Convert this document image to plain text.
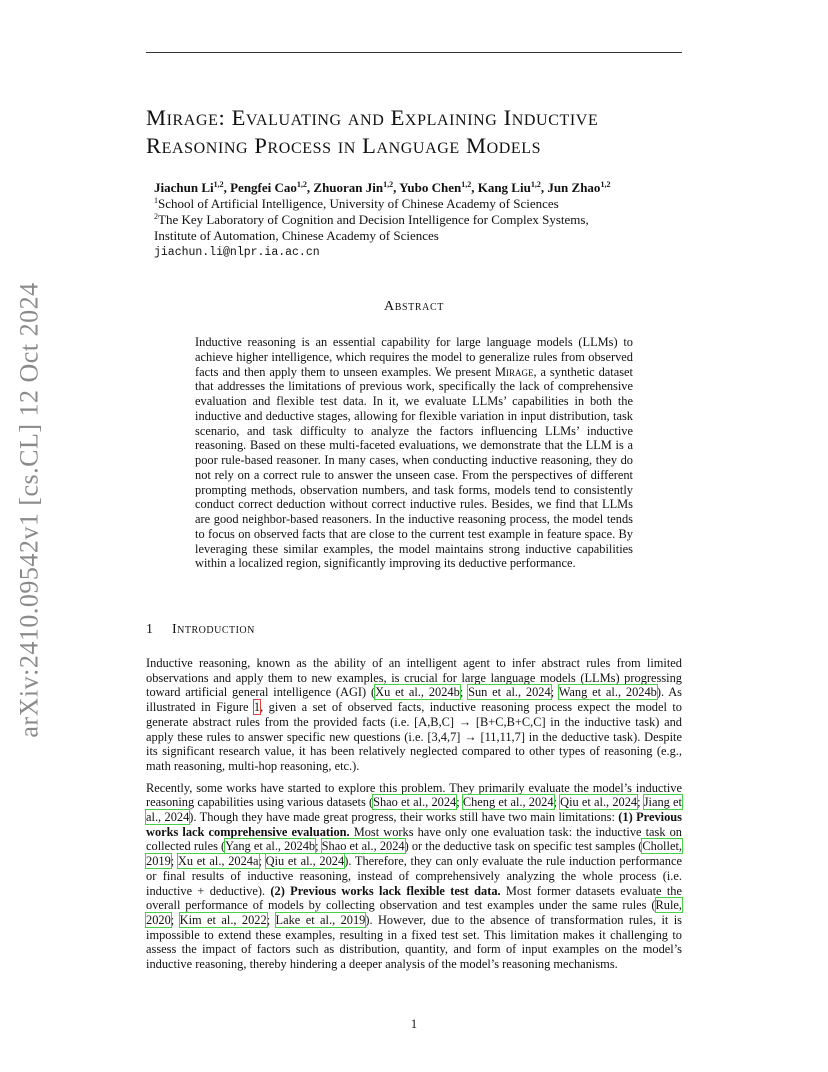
arXiv:2410.09542v1 [cs.CL] 12 Oct 2024
Mirage: Evaluating and Explaining Inductive
Reasoning Process in Language Models
Jiachun Li$^{1,2}$, Pengfei Cao$^{1,2}$, Zhuoran Jin$^{1,2}$, Yubo Chen$^{1,2}$, Kang Liu$^{1,2}$, Jun Zhao$^{1,2}$
$^1$School of Artificial Intelligence, University of Chinese Academy of Sciences
$^2$The Key Laboratory of Cognition and Decision Intelligence for Complex Systems,
Institute of Automation, Chinese Academy of Sciences
jiachun.li@nlpr.ia.ac.cn
Abstract
Inductive reasoning is an essential capability for large language models (LLMs) to achieve higher intelligence, which requires the model to generalize rules from observed facts and then apply them to unseen examples. We present Mirage, a synthetic dataset that addresses the limitations of previous work, specifically the lack of comprehensive evaluation and flexible test data. In it, we evaluate LLMs’ capabilities in both the inductive and deductive stages, allowing for flexible variation in input distribution, task scenario, and task difficulty to analyze the factors influencing LLMs’ inductive reasoning. Based on these multi-faceted evaluations, we demonstrate that the LLM is a poor rule-based reasoner. In many cases, when conducting inductive reasoning, they do not rely on a correct rule to answer the unseen case. From the perspectives of different prompting methods, observation numbers, and task forms, models tend to consistently conduct correct deduction without correct inductive rules. Besides, we find that LLMs are good neighbor-based reasoners. In the inductive reasoning process, the model tends to focus on observed facts that are close to the current test example in feature space. By leveraging these similar examples, the model maintains strong inductive capabilities within a localized region, significantly improving its deductive performance.
1 Introduction

Inductive reasoning, known as the ability of an intelligent agent to infer abstract rules from limited observations and apply them to new examples, is crucial for large language models (LLMs) progressing toward artificial general intelligence (AGI) (Xu et al., 2024b; Sun et al., 2024; Wang et al., 2024b). As illustrated in Figure 1, given a set of observed facts, inductive reasoning process expect the model to generate abstract rules from the provided facts (i.e. [A,B,C] → [B+C,B+C,C] in the inductive task) and apply these rules to answer specific new questions (i.e. [3,4,7] → [11,11,7] in the deductive task). Despite its significant research value, it has been relatively neglected compared to other types of reasoning (e.g., math reasoning, multi-hop reasoning, etc.).

Recently, some works have started to explore this problem. They primarily evaluate the model’s inductive reasoning capabilities using various datasets (Shao et al., 2024; Cheng et al., 2024; Qiu et al., 2024; Jiang et al., 2024). Though they have made great progress, their works still have two main limitations: (1) Previous works lack comprehensive evaluation. Most works have only one evaluation task: the inductive task on collected rules (Yang et al., 2024b; Shao et al., 2024) or the deductive task on specific test samples (Chollet, 2019; Xu et al., 2024a; Qiu et al., 2024). Therefore, they can only evaluate the rule induction performance or final results of inductive reasoning, instead of comprehensively analyzing the whole process (i.e. inductive + deductive). (2) Previous works lack flexible test data. Most former datasets evaluate the overall performance of models by collecting observation and test examples under the same rules (Rule, 2020; Kim et al., 2022; Lake et al., 2019). However, due to the absence of transformation rules, it is impossible to extend these examples, resulting in a fixed test set. This limitation makes it challenging to assess the impact of factors such as distribution, quantity, and form of input examples on the model’s inductive reasoning, thereby hindering a deeper analysis of the model’s reasoning mechanisms.

1
